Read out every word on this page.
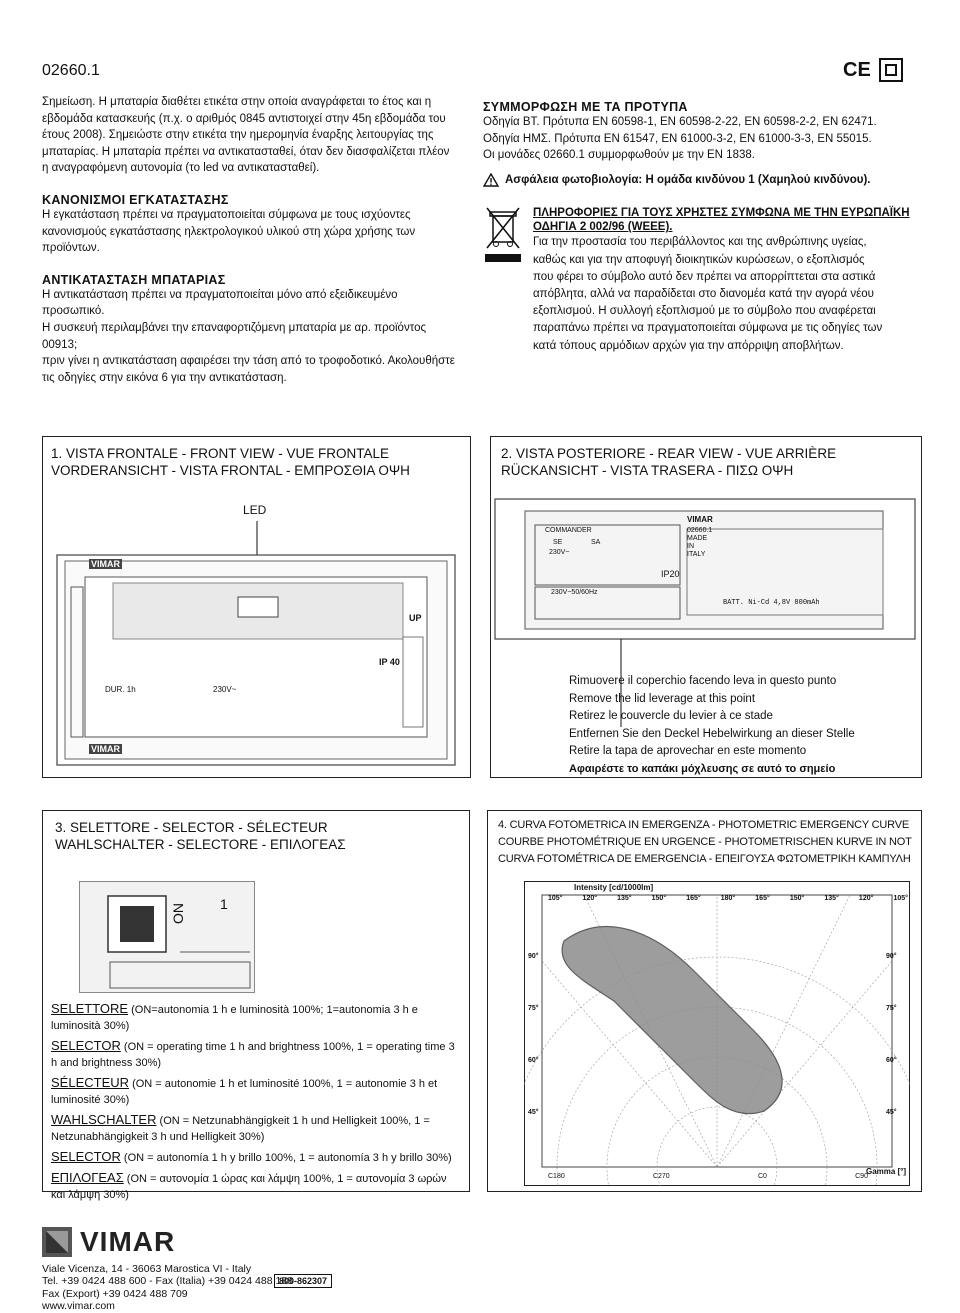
02660.1	CE
Σημείωση. Η μπαταρία διαθέτει ετικέτα στην οποία αναγράφεται το έτος και η
εβδομάδα κατασκευής (π.χ. ο αριθμός 0845 αντιστοιχεί στην 45η εβδομάδα του
έτους 2008). Σημειώστε στην ετικέτα την ημερομηνία έναρξης λειτουργίας της
μπαταρίας. Η μπαταρία πρέπει να αντικατασταθεί, όταν δεν διασφαλίζεται πλέον
η αναγραφόμενη αυτονομία (το led να αντικατασταθεί).
ΚΑΝΟΝΙΣΜΟΙ ΕΓΚΑΤΑΣΤΑΣΗΣ
Η εγκατάσταση πρέπει να πραγματοποιείται σύμφωνα με τους ισχύοντες
κανονισμούς εγκατάστασης ηλεκτρολογικού υλικού στη χώρα χρήσης των
προϊόντων.
ΑΝΤΙΚΑΤΑΣΤΑΣΗ ΜΠΑΤΑΡΙΑΣ
Η αντικατάσταση πρέπει να πραγματοποιείται μόνο από εξειδικευμένο προσωπικό.
Η συσκευή περιλαμβάνει την επαναφορτιζόμενη μπαταρία με αρ. προϊόντος 00913;
πριν γίνει η αντικατάσταση αφαιρέσει την τάση από το τροφοδοτικό. Ακολουθήστε
τις οδηγίες στην εικόνα 6 για την αντικατάσταση.
ΣΥΜΜΟΡΦΩΣΗ ΜΕ ΤΑ ΠΡΟΤΥΠΑ
Οδηγία ΒΤ. Πρότυπα EN 60598-1, EN 60598-2-22, EN 60598-2-2, EN 62471.
Οδηγία ΗΜΣ. Πρότυπα EN 61547, EN 61000-3-2, EN 61000-3-3, EN 55015.
Οι μονάδες 02660.1 συμμορφωθούν με την EN 1838.
Ασφάλεια φωτοβιολογία: Η ομάδα κινδύνου 1 (Χαμηλού κινδύνου).
ΠΛΗΡΟΦΟΡΙΕΣ ΓΙΑ ΤΟΥΣ ΧΡΗΣΤΕΣ ΣΥΜΦΩΝΑ ΜΕ ΤΗΝ ΕΥΡΩΠΑΪΚΗ
ΟΔΗΓΙΑ 2 002/96 (WEEE).
Για την προστασία του περιβάλλοντος και της ανθρώπινης υγείας,
καθώς και για την αποφυγή διοικητικών κυρώσεων, ο εξοπλισμός
που φέρει το σύμβολο αυτό δεν πρέπει να απορρίπτεται στα αστικά
απόβλητα, αλλά να παραδίδεται στο διανομέα κατά την αγορά νέου
εξοπλισμού. Η συλλογή εξοπλισμού με το σύμβολο που αναφέρεται
παραπάνω πρέπει να πραγματοποιείται σύμφωνα με τις οδηγίες των
κατά τόπους αρμόδιων αρχών για την απόρριψη αποβλήτων.
1. VISTA FRONTALE - FRONT VIEW - VUE FRONTALE
VORDERANSICHT - VISTA FRONTAL - ΕΜΠΡΟΣΘΙΑ ΟΨΗ
LED
VIMAR
VIMAR
UP
IP 40
DUR. 1h	230V~
2. VISTA POSTERIORE - REAR VIEW - VUE ARRIÈRE
RÜCKANSICHT - VISTA TRASERA - ΠΙΣΩ ΟΨΗ
COMMANDER
SE	SA
230V~
IP20
230V~50/60Hz
VIMAR
02660.1
MADE
IN
ITALY
BATT. Ni-Cd 4,8V 800mAh
Rimuovere il coperchio facendo leva in questo punto
Remove the lid leverage at this point
Retirez le couvercle du levier à ce stade
Entfernen Sie den Deckel Hebelwirkung an dieser Stelle
Retire la tapa de aprovechar en este momento
Αφαιρέστε το καπάκι μόχλευσης σε αυτό το σημείο
3. SELETTORE - SELECTOR - SÉLECTEUR
WAHLSCHALTER - SELECTORE - ΕΠΙΛΟΓΕΑΣ
ON 1

SELETTORE (ON=autonomia 1 h e luminosità 100%; 1=autonomia 3 h e luminosità 30%)

SELECTOR (ON = operating time 1 h and brightness 100%, 1 = operating time 3 h and brightness 30%)

SÉLECTEUR (ON = autonomie 1 h et luminosité 100%, 1 = autonomie 3 h et luminosité 30%)

WAHLSCHALTER (ON = Netzunabhängigkeit 1 h und Helligkeit 100%, 1 = Netzunabhängigkeit 3 h und Helligkeit 30%)

SELECTOR (ON = autonomía 1 h y brillo 100%, 1 = autonomía 3 h y brillo 30%)

ΕΠΙΛΟΓΕΑΣ (ON = αυτονομία 1 ώρας και λάμψη 100%, 1 = αυτονομία 3 ωρών και λάμψη 30%)

4. CURVA FOTOMETRICA IN EMERGENZA - PHOTOMETRIC EMERGENCY CURVE
COURBE PHOTOMÉTRIQUE EN URGENCE - PHOTOMETRISCHEN KURVE IN NOT
CURVA FOTOMÉTRICA DE EMERGENCIA - ΕΠΕΙΓΟΥΣΑ ΦΩΤΟΜΕΤΡΙΚΗ ΚΑΜΠΥΛΗ
Intensity [cd/1000lm]
Gamma [°]
105°	120°	135°	150°	165°	180°	165°	150°	135°	120°	105°
90°
75°
60°
45°
90°
75°
60°
45°
C180	C270	C0	C90
VIMAR
Viale Vicenza, 14 - 36063 Marostica VI - Italy
Tel. +39 0424 488 600 - Fax (Italia) +39 0424 488 188
Fax (Export) +39 0424 488 709
www.vimar.com
800-862307
